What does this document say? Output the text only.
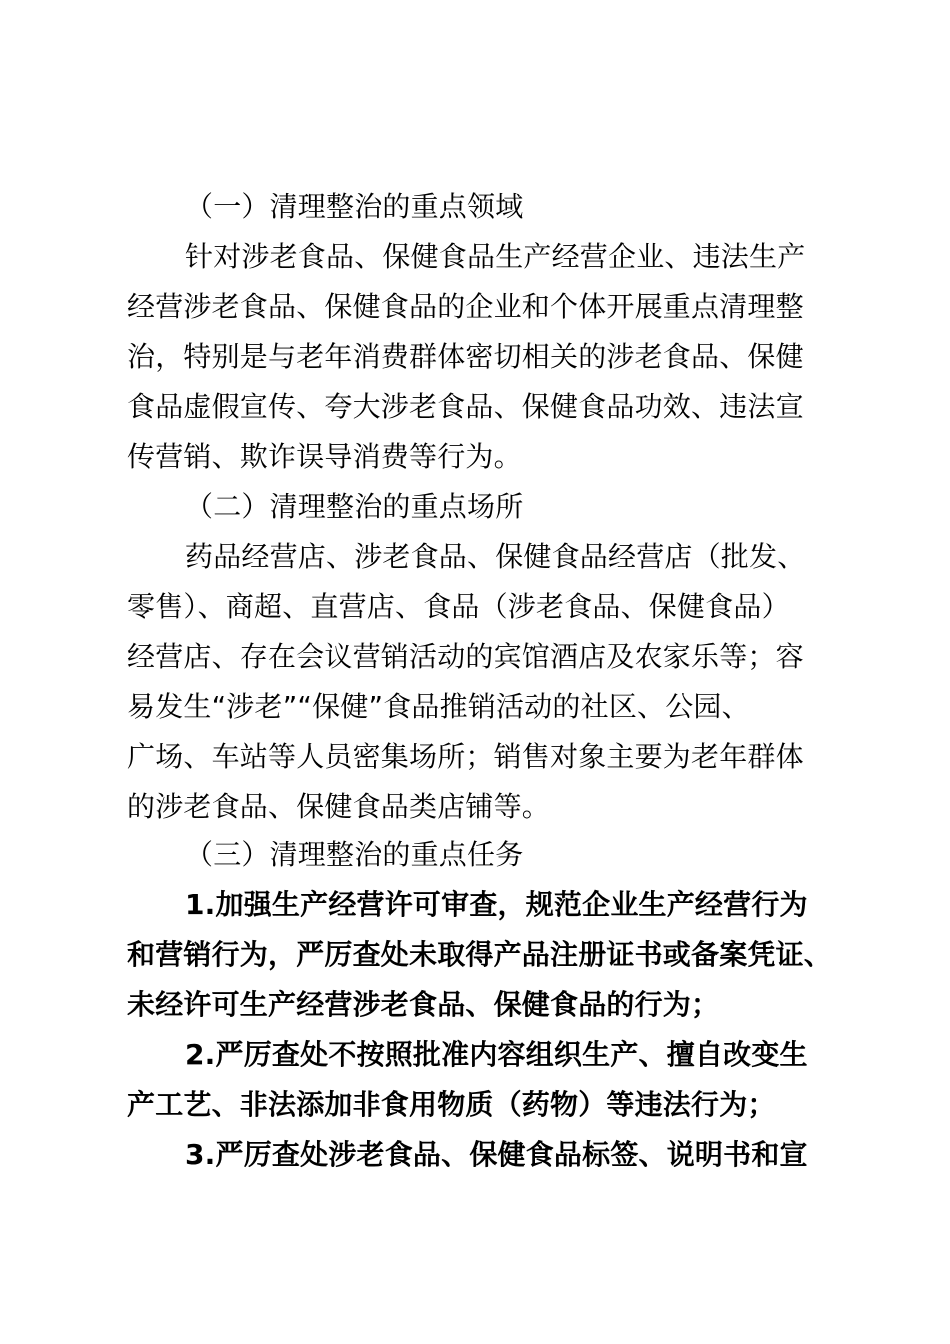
（一）清理整治的重点领域
针对涉老食品、保健食品生产经营企业、违法生产
经营涉老食品、保健食品的企业和个体开展重点清理整
治，特别是与老年消费群体密切相关的涉老食品、保健
食品虚假宣传、夸大涉老食品、保健食品功效、违法宣
传营销、欺诈误导消费等行为。
（二）清理整治的重点场所
药品经营店、涉老食品、保健食品经营店（批发、
零售）、商超、直营店、食品（涉老食品、保健食品）
经营店、存在会议营销活动的宾馆酒店及农家乐等；容
易发生“涉老”“保健”食品推销活动的社区、公园、
广场、车站等人员密集场所；销售对象主要为老年群体
的涉老食品、保健食品类店铺等。
（三）清理整治的重点任务
1.加强生产经营许可审查，规范企业生产经营行为
和营销行为，严厉查处未取得产品注册证书或备案凭证、
未经许可生产经营涉老食品、保健食品的行为；
2.严厉查处不按照批准内容组织生产、擅自改变生
产工艺、非法添加非食用物质（药物）等违法行为；
3.严厉查处涉老食品、保健食品标签、说明书和宣
